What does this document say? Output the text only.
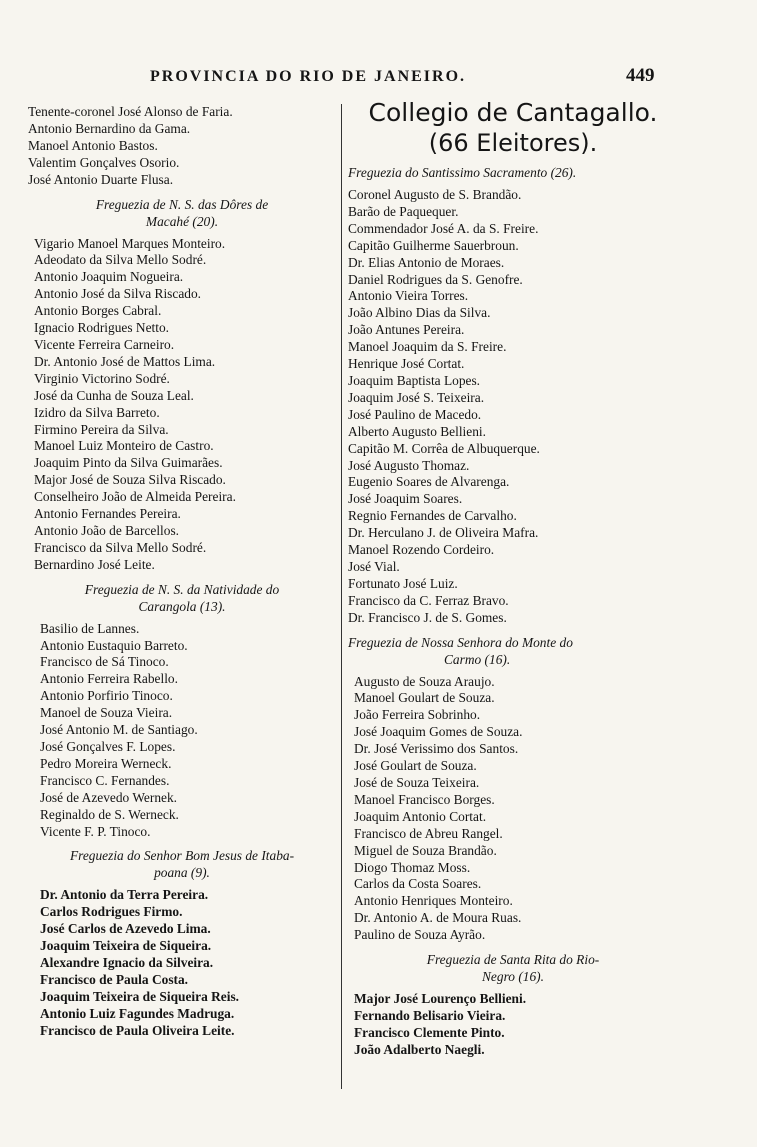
PROVINCIA DO RIO DE JANEIRO.	449
Tenente-coronel José Alonso de Faria.
Antonio Bernardino da Gama.
Manoel Antonio Bastos.
Valentim Gonçalves Osorio.
José Antonio Duarte Flusa.
Freguezia de N. S. das Dôres de
Macahé (20).
Vigario Manoel Marques Monteiro.
Adeodato da Silva Mello Sodré.
Antonio Joaquim Nogueira.
Antonio José da Silva Riscado.
Antonio Borges Cabral.
Ignacio Rodrigues Netto.
Vicente Ferreira Carneiro.
Dr. Antonio José de Mattos Lima.
Virginio Victorino Sodré.
José da Cunha de Souza Leal.
Izidro da Silva Barreto.
Firmino Pereira da Silva.
Manoel Luiz Monteiro de Castro.
Joaquim Pinto da Silva Guimarães.
Major José de Souza Silva Riscado.
Conselheiro João de Almeida Pereira.
Antonio Fernandes Pereira.
Antonio João de Barcellos.
Francisco da Silva Mello Sodré.
Bernardino José Leite.
Freguezia de N. S. da Natividade do
Carangola (13).
Basilio de Lannes.
Antonio Eustaquio Barreto.
Francisco de Sá Tinoco.
Antonio Ferreira Rabello.
Antonio Porfirio Tinoco.
Manoel de Souza Vieira.
José Antonio M. de Santiago.
José Gonçalves F. Lopes.
Pedro Moreira Werneck.
Francisco C. Fernandes.
José de Azevedo Wernek.
Reginaldo de S. Werneck.
Vicente F. P. Tinoco.
Freguezia do Senhor Bom Jesus de Itaba-
poana (9).
Dr. Antonio da Terra Pereira.
Carlos Rodrigues Firmo.
José Carlos de Azevedo Lima.
Joaquim Teixeira de Siqueira.
Alexandre Ignacio da Silveira.
Francisco de Paula Costa.
Joaquim Teixeira de Siqueira Reis.
Antonio Luiz Fagundes Madruga.
Francisco de Paula Oliveira Leite.
Collegio de Cantagallo.
(66 Eleitores).
Freguezia do Santissimo Sacramento (26).
Coronel Augusto de S. Brandão.
Barão de Paquequer.
Commendador José A. da S. Freire.
Capitão Guilherme Sauerbroun.
Dr. Elias Antonio de Moraes.
Daniel Rodrigues da S. Genofre.
Antonio Vieira Torres.
João Albino Dias da Silva.
João Antunes Pereira.
Manoel Joaquim da S. Freire.
Henrique José Cortat.
Joaquim Baptista Lopes.
Joaquim José S. Teixeira.
José Paulino de Macedo.
Alberto Augusto Bellieni.
Capitão M. Corrêa de Albuquerque.
José Augusto Thomaz.
Eugenio Soares de Alvarenga.
José Joaquim Soares.
Regnio Fernandes de Carvalho.
Dr. Herculano J. de Oliveira Mafra.
Manoel Rozendo Cordeiro.
José Vial.
Fortunato José Luiz.
Francisco da C. Ferraz Bravo.
Dr. Francisco J. de S. Gomes.
Freguezia de Nossa Senhora do Monte do
Carmo (16).
Augusto de Souza Araujo.
Manoel Goulart de Souza.
João Ferreira Sobrinho.
José Joaquim Gomes de Souza.
Dr. José Verissimo dos Santos.
José Goulart de Souza.
José de Souza Teixeira.
Manoel Francisco Borges.
Joaquim Antonio Cortat.
Francisco de Abreu Rangel.
Miguel de Souza Brandão.
Diogo Thomaz Moss.
Carlos da Costa Soares.
Antonio Henriques Monteiro.
Dr. Antonio A. de Moura Ruas.
Paulino de Souza Ayrão.
Freguezia de Santa Rita do Rio-
Negro (16).
Major José Lourenço Bellieni.
Fernando Belisario Vieira.
Francisco Clemente Pinto.
João Adalberto Naegli.
